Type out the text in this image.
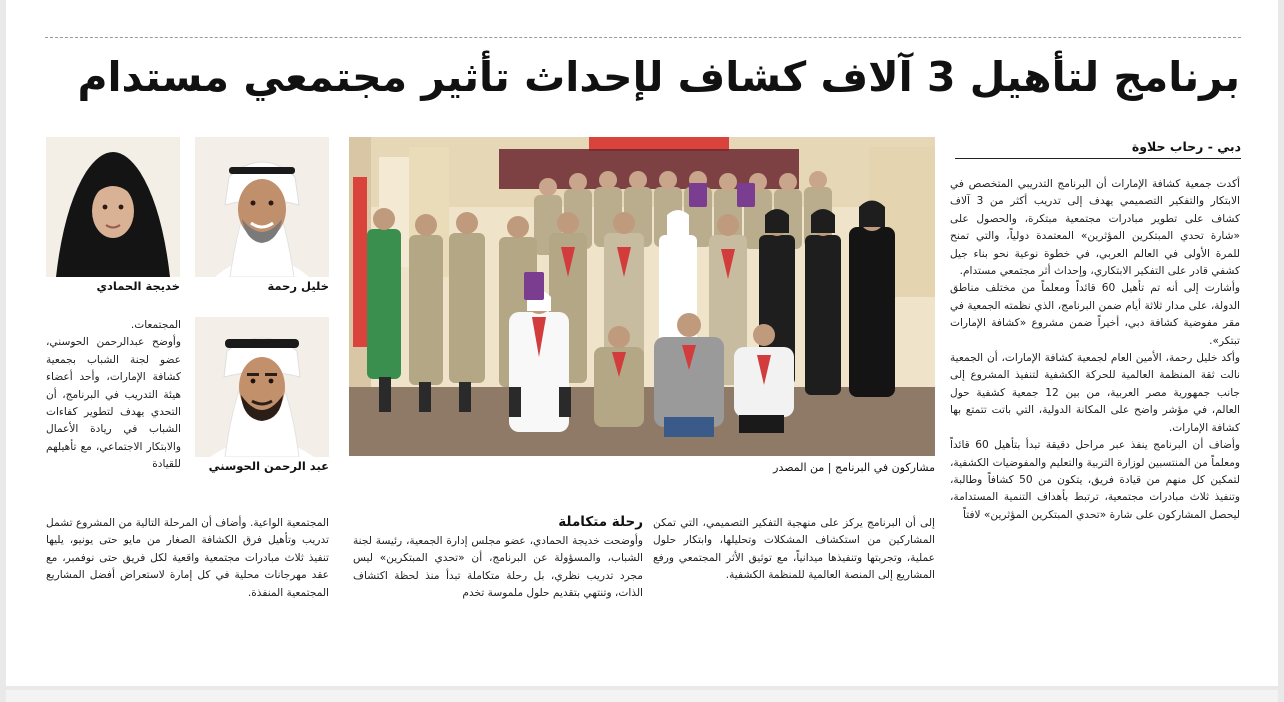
برنامج لتأهيل 3 آلاف كشاف لإحداث تأثير مجتمعي مستدام
دبي - رحاب حلاوة

أكدت جمعية كشافة الإمارات أن البرنامج التدريبي المتخصص في الابتكار والتفكير التصميمي يهدف إلى تدريب أكثر من 3 آلاف كشاف على تطوير مبادرات مجتمعية مبتكرة، والحصول على «شارة تحدي المبتكرين المؤثرين» المعتمدة دولياً، والتي تمنح للمرة الأولى في العالم العربي، في خطوة نوعية نحو بناء جيل كشفي قادر على التفكير الابتكاري، وإحداث أثر مجتمعي مستدام.
وأشارت إلى أنه تم تأهيل 60 قائداً ومعلماً من مختلف مناطق الدولة، على مدار ثلاثة أيام ضمن البرنامج، الذي نظمته الجمعية في مقر مفوضية كشافة دبي، أخيراً ضمن مشروع «كشافة الإمارات تبتكر».
وأكد خليل رحمة، الأمين العام لجمعية كشافة الإمارات، أن الجمعية نالت ثقة المنظمة العالمية للحركة الكشفية لتنفيذ المشروع إلى جانب جمهورية مصر العربية، من بين 12 جمعية كشفية حول العالم، في مؤشر واضح على المكانة الدولية، التي باتت تتمتع بها كشافة الإمارات.
وأضاف أن البرنامج ينفذ عبر مراحل دقيقة تبدأ بتأهيل 60 قائداً ومعلماً من المنتسبين لوزارة التربية والتعليم والمفوضيات الكشفية، لتمكين كل منهم من قيادة فريق، يتكون من 50 كشافاً وطالبة، وتنفيذ ثلاث مبادرات مجتمعية، ترتبط بأهداف التنمية المستدامة، ليحصل المشاركون على شارة «تحدي المبتكرين المؤثرين» لافتاً

إلى أن البرنامج يركز على منهجية التفكير التصميمي، التي تمكن المشاركين من استكشاف المشكلات وتحليلها، وابتكار حلول عملية، وتجربتها وتنفيذها ميدانياً، مع توثيق الأثر المجتمعي ورفع المشاريع إلى المنصة العالمية للمنظمة الكشفية.

رحلة متكاملة

وأوضحت خديجة الحمادي، عضو مجلس إدارة الجمعية، رئيسة لجنة الشباب، والمسؤولة عن البرنامج، أن «تحدي المبتكرين» ليس مجرد تدريب نظري، بل رحلة متكاملة تبدأ منذ لحظة اكتشاف الذات، وتنتهي بتقديم حلول ملموسة تخدم

المجتمعات.
وأوضح عبدالرحمن الحوسني، عضو لجنة الشباب بجمعية كشافة الإمارات، وأحد أعضاء هيئة التدريب في البرنامج، أن التحدي يهدف لتطوير كفاءات الشباب في ريادة الأعمال والابتكار الاجتماعي، مع تأهيلهم للقيادة

المجتمعية الواعية. وأضاف أن المرحلة التالية من المشروع تشمل تدريب وتأهيل فرق الكشافة الصغار من مايو حتى يونيو، يليها تنفيذ ثلاث مبادرات مجتمعية واقعية لكل فريق حتى نوفمبر، مع عقد مهرجانات محلية في كل إمارة لاستعراض أفضل المشاريع المجتمعية المنفذة.

مشاركون في البرنامج | من المصدر
خليل رحمة
خديجة الحمادي
عبد الرحمن الحوسني
